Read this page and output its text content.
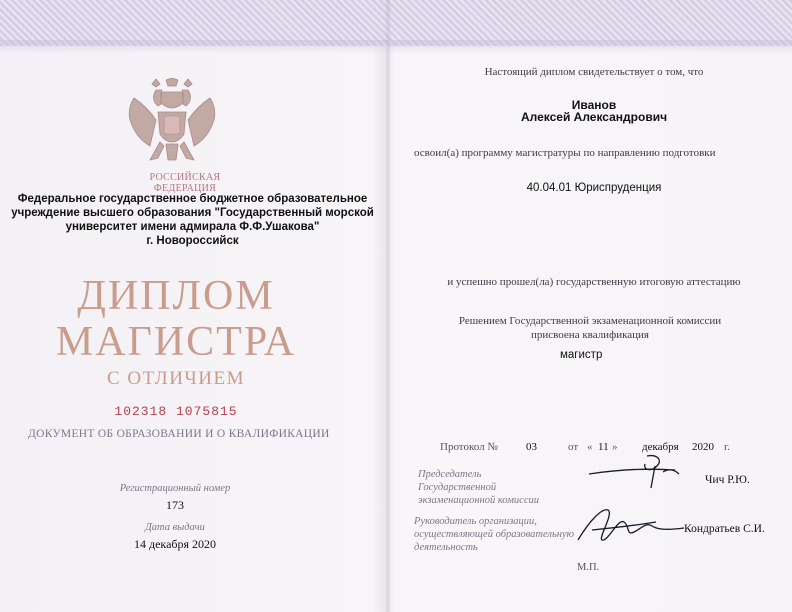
РОССИЙСКАЯ ФЕДЕРАЦИЯ
Федеральное государственное бюджетное образовательное
учреждение высшего образования "Государственный морской
университет имени адмирала Ф.Ф.Ушакова"
г. Новороссийск
ДИПЛОМ
МАГИСТРА
С ОТЛИЧИЕМ
102318 1075815
ДОКУМЕНТ ОБ ОБРАЗОВАНИИ И О КВАЛИФИКАЦИИ
Регистрационный номер
173
Дата выдачи
14 декабря 2020
Настоящий диплом свидетельствует о том, что
Иванов
Алексей Александрович
освоил(а) программу магистратуры по направлению подготовки
40.04.01 Юриспруденция
и успешно прошел(ла) государственную итоговую аттестацию
Решением Государственной экзаменационной комиссии
присвоена квалификация
магистр
Протокол №	03	от « 11 » декабря 2020 г.
Председатель
Государственной
экзаменационной комиссии
Чич Р.Ю.
Руководитель организации,
осуществляющей образовательную
деятельность
Кондратьев С.И.
М.П.
